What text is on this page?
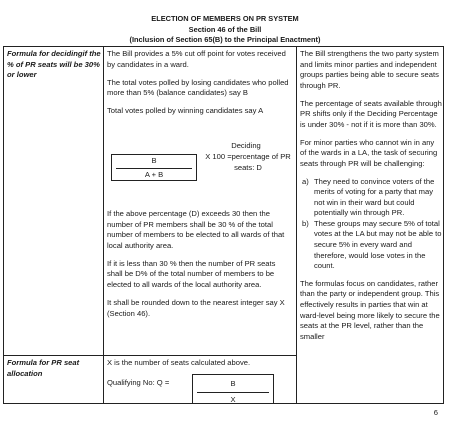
ELECTION OF MEMBERS ON PR SYSTEM
Section 46 of the Bill
(Inclusion of Section 65(B) to the Principal Enactment)
Formula for decidingif the % of PR seats will be 30% or lower

The Bill provides a 5% cut off point for votes received by candidates in a ward.

The total votes polled by losing candidates who polled more than 5% (balance candidates) say B

Total votes polled by winning candidates say A

Deciding
B
A + B
X 100 =percentage of PR seats: D

If the above percentage (D) exceeds 30 then the number of PR members shall be 30 % of the total number of members to be elected to all wards of that local authority area.

If it is less than 30 % then the number of PR seats shall be D% of the total number of members to be elected to all wards of the local authority area.

It shall be rounded down to the nearest integer say X (Section 46).

The Bill strengthens the two party system and limits minor parties and independent groups parties being able to secure seats through PR.

The percentage of seats available through PR shifts only if the Deciding Percentage is under 30% - not if it is more than 30%.

For minor parties who cannot win in any of the wards in a LA, the task of securing seats through PR will be challenging:

a) They need to convince voters of the merits of voting for a party that may not win in their ward but could potentially win through PR.
b) These groups may secure 5% of total votes at the LA but may not be able to secure 5% in every ward and therefore, would lose votes in the count.

The formulas focus on candidates, rather than the party or independent group. This effectively results in parties that win at ward-level being more likely to secure the seats at the PR level, rather than the smaller

Formula for PR seat allocation
X is the number of seats calculated above.
Qualifying No: Q =	B
X
6
